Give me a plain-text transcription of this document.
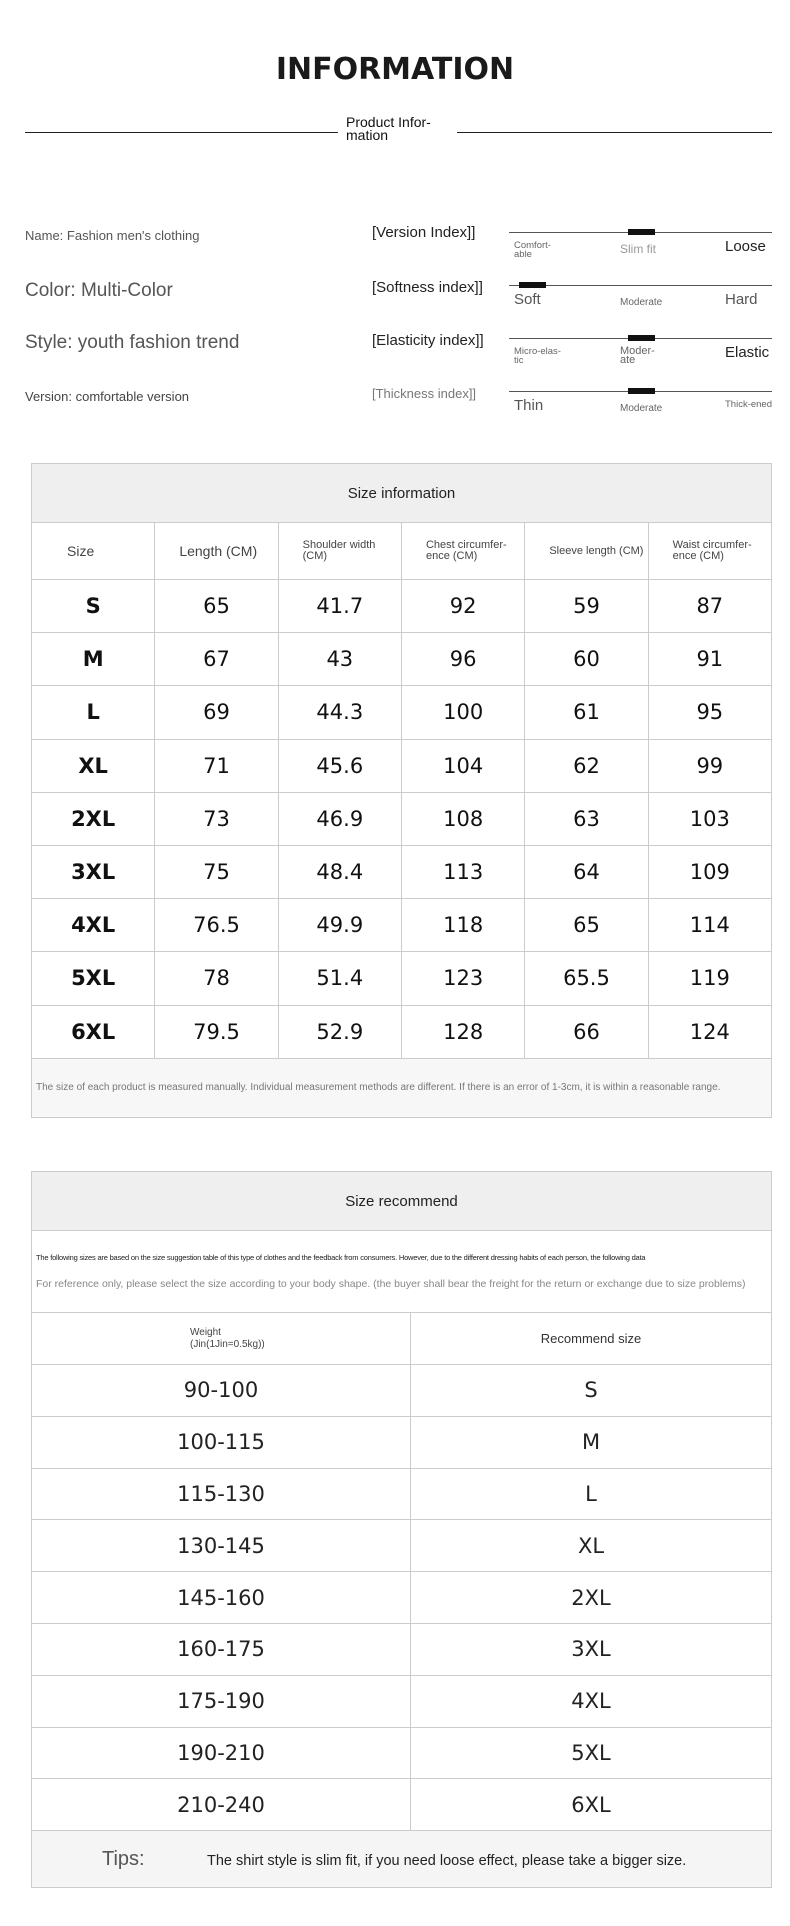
INFORMATION
Product Infor-
mation
Name: Fashion men's clothing
Color: Multi-Color
Style: youth fashion trend
Version: comfortable version
[Version Index]]
Comfort-able	Slim fit	Loose
[Softness index]]
Soft	Moderate	Hard
[Elasticity index]]
Micro-elas-tic
Moder-ate	Elastic
[Thickness index]]
Thin	Moderate	Thick-ened
Size information					
Size	Length (CM)	Shoulder width (CM)	Chest circumfer-ence (CM)	Sleeve length (CM)	Waist circumfer-ence (CM)
S	65	41.7	92	59	87
M	67	43	96	60	91
L	69	44.3	100	61	95
XL	71	45.6	104	62	99
2XL	73	46.9	108	63	103
3XL	75	48.4	113	64	109
4XL	76.5	49.9	118	65	114
5XL	78	51.4	123	65.5	119
6XL	79.5	52.9	128	66	124
The size of each product is measured manually. Individual measurement methods are different. If there is an error of 1-3cm, it is within a reasonable range.					
Size recommend	

The following sizes are based on the size suggestion table of this type of clothes and the feedback from consumers. However, due to the different dressing habits of each person, the following data
For reference only, please select the size according to your body shape. (the buyer shall bear the freight for the return or exchange due to size problems)	

Weight
(Jin(1Jin=0.5kg))	Recommend size
90-100	S
100-115	M
115-130	L
130-145	XL
145-160	2XL
160-175	3XL
175-190	4XL
190-210	5XL
210-240	6XL
Tips: The shirt style is slim fit, if you need loose effect, please take a bigger size.	
